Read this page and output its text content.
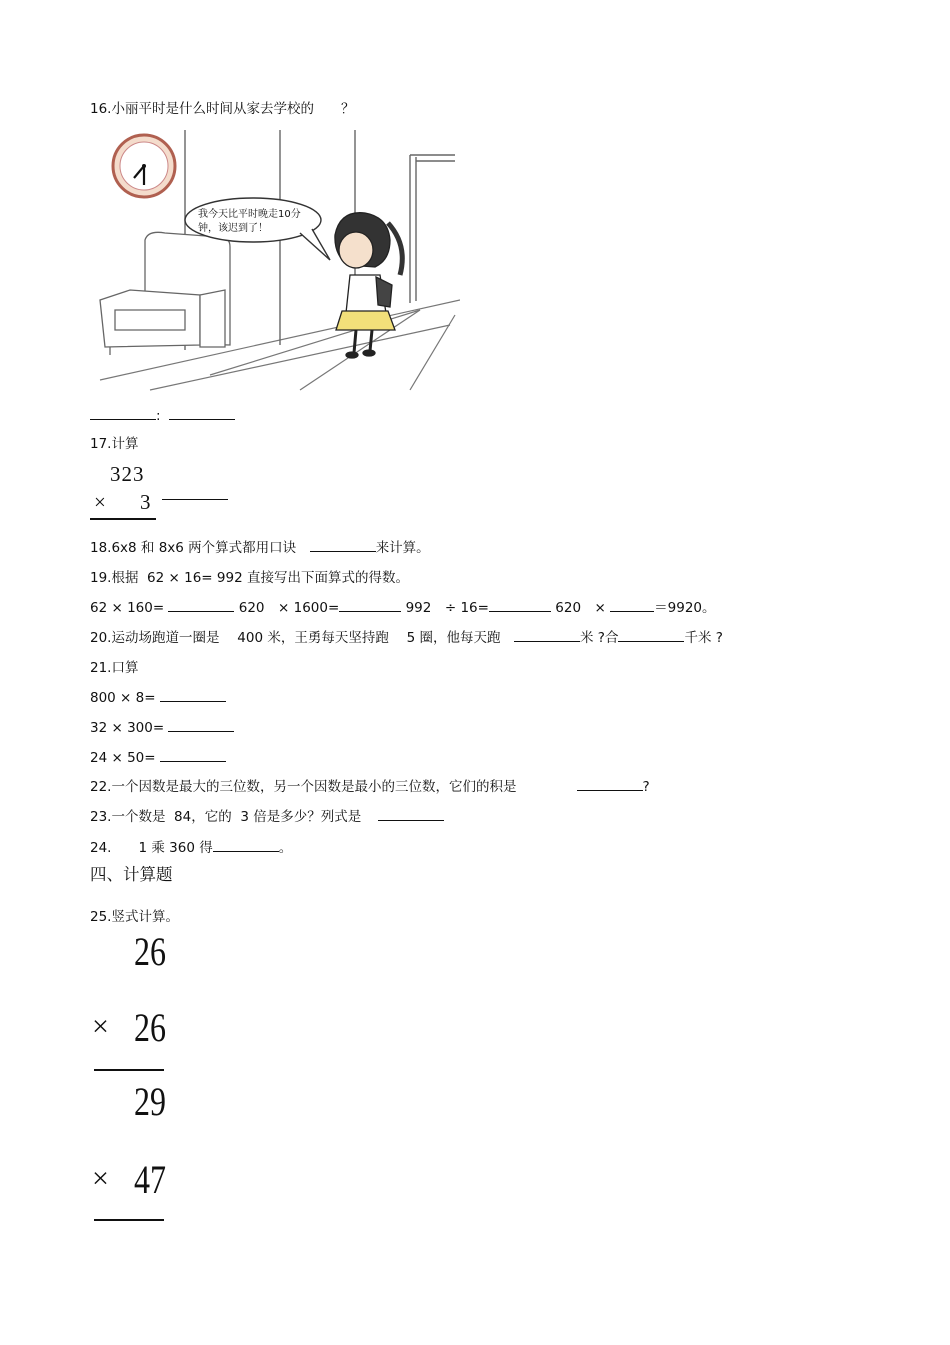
16.小丽平时是什么时间从家去学校的　　？
我今天比平时晚走10分
钟，该迟到了！
:
17.计算
323
× 3
18.6x8 和 8x6 两个算式都用口诀　	来计算。
19.根据  62 × 16= 992 直接写出下面算式的得数。
62 × 160=	620　× 1600=	992　÷ 16=	620　×	＝9920。
20.运动场跑道一圈是　 400 米，王勇每天坚持跑　 5 圈，他每天跑　	米 ?合	千米 ?
21.口算
800 × 8=
32 × 300=
24 × 50=
22.一个因数是最大的三位数，另一个因数是最小的三位数，它们的积是	?
23.一个数是  84，它的  3 倍是多少？列式是
24.　　1 乘 360 得	。
四、计算题
25.竖式计算。
26
× 26
29
× 47
